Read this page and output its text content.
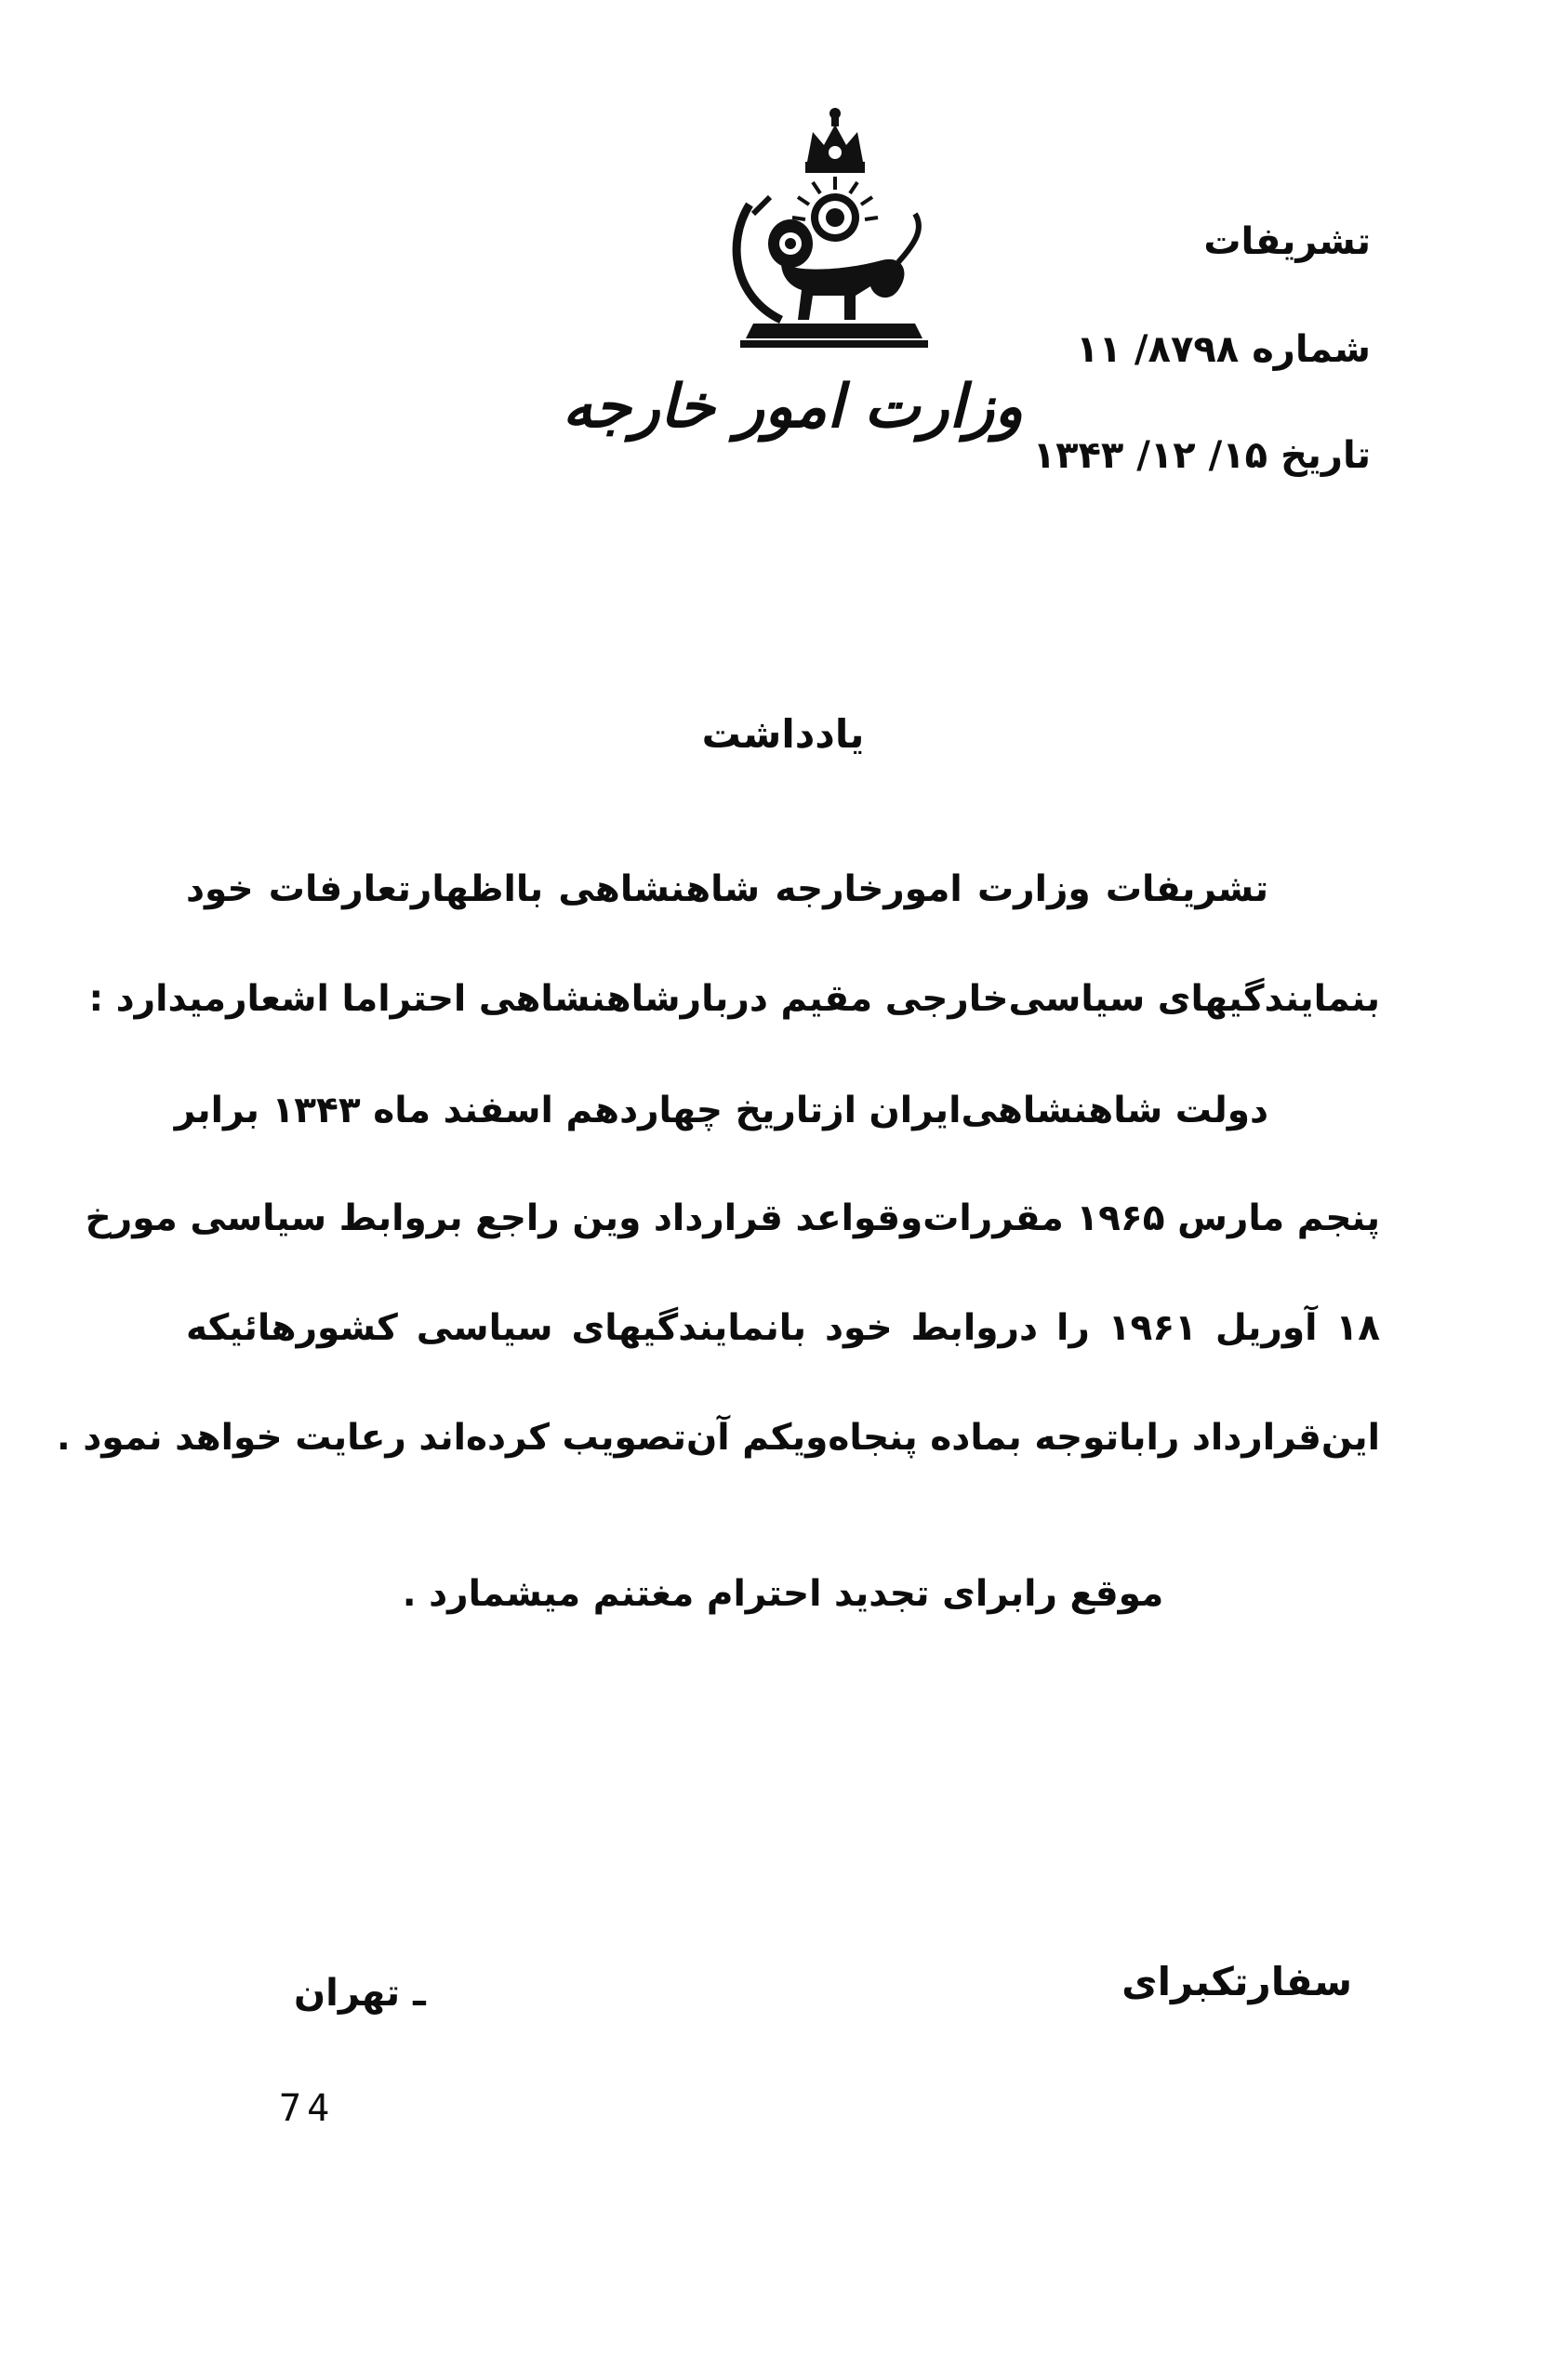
وزارت امور خارجه
تشریفات
شماره۸۷۹۸/ ۱۱
تاریخ۱۵/ ۱۲/ ۱۳۴۳
یادداشت
تشریفات وزارت امورخارجه شاهنشاهی باا‌ظهار‌تعارفات خود
بنمایندگیهای سیاسی‌خارجی مقیم دربارشاهنشاهی احتراما اشعارمیدارد :
دولت شاهنشاهی‌ایران ازتاریخ چهاردهم اسفند ماه ۱۳۴۳ برابر
پنجم مارس ۱۹۶۵ مقررات‌وقواعد قرارداد وین راجع بروابط سیاسی مورخ
۱۸ آوریل ۱۹۶۱ را دروابط خود بانمایندگیهای سیاسی کشورهائیکه
این‌قرارداد رابا‌توجه بماده پنجاه‌ویکم آن‌تصویب کرده‌اند رعایت خواهد نمود .
موقع رابرای تجدید احترام مغتنم میشمارد .
سفارتکبرای
ـ تهران
74
